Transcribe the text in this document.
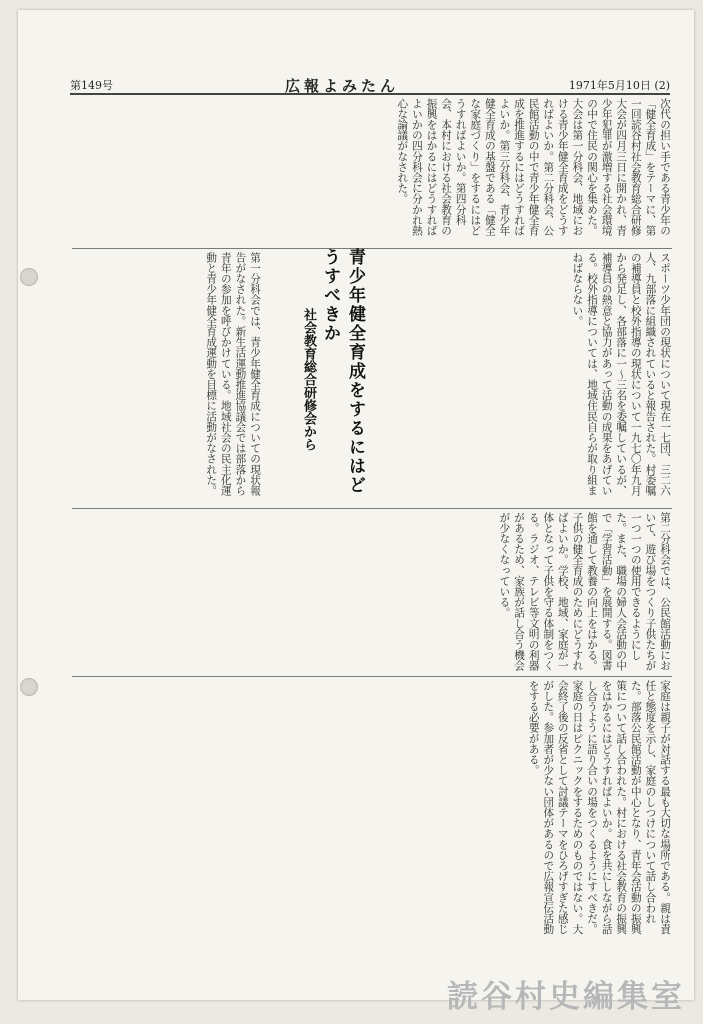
第149号	広報よみたん	1971年5月10日 (2)

次代の担い手である青少年の「健全育成」をテーマに、第一回読谷村社会教育総合研修大会が四月三日に開かれ、青少年犯罪が激増する社会環境の中で住民の関心を集めた。大会は第一分科会、地域における青少年健全育成をどうすればよいか。第二分科会、公民館活動の中で青少年健全育成を推進するにはどうすればよいか。第三分科会、青少年健全育成の基盤である「健全な家庭づくり」をするにはどうすればよいか。第四分科会、本村における社会教育の振興をはかるにはどうすればよいかの四分科会に分かれ熱心な論議がなされた。

スポーツ少年団の現状について現在一七団、三二六人、九部落に組織されていると報告された。村委嘱の補導員と校外指導の現状について一九七〇年九月から発足し、各部落に一〜三名を委嘱しているが、補導員の熱意と協力があって活動の成果をあげている。校外指導については、地域住民自らが取り組まねばならない。

青少年健全育成をするにはどうすべきか
社会教育総合研修会から

第一分科会では、青少年健全育成についての現状報告がなされた。新生活運動推進協議会では部落から青年の参加を呼びかけている。地域社会の民主化運動と青少年健全育成運動を目標に活動がなされた。

第二分科会では、公民館活動において、遊び場をつくり子供たちが一つ一つの使用できるようにした。また、職場の婦人会活動の中で「学習活動」を展開する。図書館を通して教養の向上をはかる。子供の健全育成のためにどうすればよいか。学校、地域、家庭が一体となって子供を守る体制をつくる。ラジオ、テレビ等文明の利器があるため、家族が話し合う機会が少なくなっている。

家庭は親子が対話する最も大切な場所である。親は責任と態度を示し、家庭のしつけについて話し合われた。部落公民館活動が中心となり、青年会活動の振興策について話し合われた。村における社会教育の振興をはかるにはどうすればよいか。食を共にしながら話し合うように語り合いの場をつくるようにすべきだ。家庭の日はピクニックをするためのものではない。大会終了後の反省として討議テーマをひろげすぎた感じがした。参加者が少ない団体があるので広報宣伝活動をする必要がある。

読谷村史編集室
